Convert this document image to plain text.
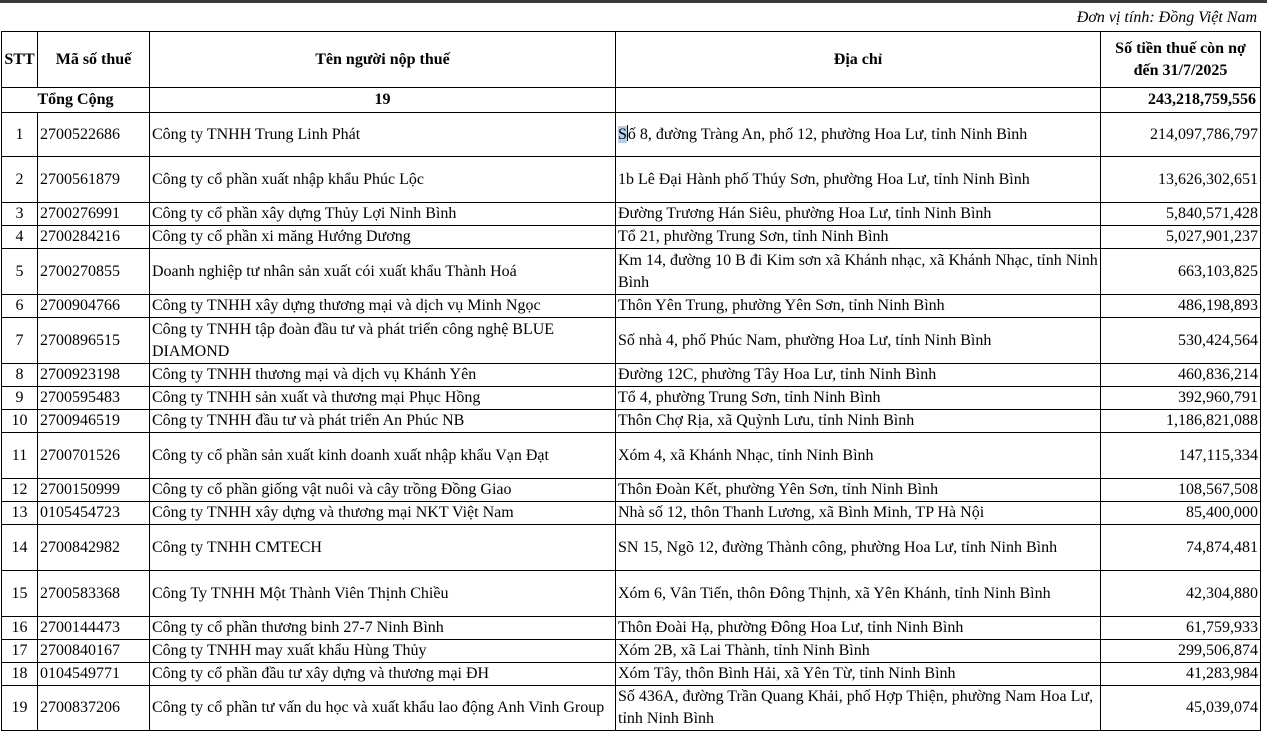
Đơn vị tính: Đồng Việt Nam
STT	Mã số thuế	Tên người nộp thuế	Địa chỉ	Số tiền thuế còn nợ đến 31/7/2025
Tổng Cộng		19		243,218,759,556
1	2700522686	Công ty TNHH Trung Linh Phát	Số 8, đường Tràng An, phố 12, phường Hoa Lư, tỉnh Ninh Bình	214,097,786,797
2	2700561879	Công ty cổ phần xuất nhập khẩu Phúc Lộc	1b Lê Đại Hành phố Thúy Sơn, phường Hoa Lư, tỉnh Ninh Bình	13,626,302,651
3	2700276991	Công ty cổ phần xây dựng Thủy Lợi Ninh Bình	Đường Trương Hán Siêu, phường Hoa Lư, tỉnh Ninh Bình	5,840,571,428
4	2700284216	Công ty cổ phần xi măng Hướng Dương	Tổ 21, phường Trung Sơn, tỉnh Ninh Bình	5,027,901,237
5	2700270855	Doanh nghiệp tư nhân sản xuất cói xuất khẩu Thành Hoá	Km 14, đường 10 B đi Kim sơn xã Khánh nhạc, xã Khánh Nhạc, tỉnh Ninh Bình	663,103,825
6	2700904766	Công ty TNHH xây dựng thương mại và dịch vụ Minh Ngọc	Thôn Yên Trung, phường Yên Sơn, tỉnh Ninh Bình	486,198,893
7	2700896515	Công ty TNHH tập đoàn đầu tư và phát triển công nghệ BLUE DIAMOND	Số nhà 4, phố Phúc Nam, phường Hoa Lư, tỉnh Ninh Bình	530,424,564
8	2700923198	Công ty TNHH thương mại và dịch vụ Khánh Yên	Đường 12C, phường Tây Hoa Lư, tỉnh Ninh Bình	460,836,214
9	2700595483	Công ty TNHH sản xuất và thương mại Phục Hồng	Tổ 4, phường Trung Sơn, tỉnh Ninh Bình	392,960,791
10	2700946519	Công ty TNHH đầu tư và phát triển An Phúc NB	Thôn Chợ Rịa, xã Quỳnh Lưu, tỉnh Ninh Bình	1,186,821,088
11	2700701526	Công ty cổ phần sản xuất kinh doanh xuất nhập khẩu Vạn Đạt	Xóm 4, xã Khánh Nhạc, tỉnh Ninh Bình	147,115,334
12	2700150999	Công ty cổ phần giống vật nuôi và cây trồng Đồng Giao	Thôn Đoàn Kết, phường Yên Sơn, tỉnh Ninh Bình	108,567,508
13	0105454723	Công ty TNHH xây dựng và thương mại NKT Việt Nam	Nhà số 12, thôn Thanh Lương, xã Bình Minh, TP Hà Nội	85,400,000
14	2700842982	Công ty TNHH CMTECH	SN 15, Ngõ 12, đường Thành công, phường Hoa Lư, tỉnh Ninh Bình	74,874,481
15	2700583368	Công Ty TNHH Một Thành Viên Thịnh Chiều	Xóm 6, Vân Tiến, thôn Đông Thịnh, xã Yên Khánh, tỉnh Ninh Bình	42,304,880
16	2700144473	Công ty cổ phần thương binh 27-7 Ninh Bình	Thôn Đoài Hạ, phường Đông Hoa Lư, tỉnh Ninh Bình	61,759,933
17	2700840167	Công ty TNHH may xuất khẩu Hùng Thủy	Xóm 2B, xã Lai Thành, tỉnh Ninh Bình	299,506,874
18	0104549771	Công ty cổ phần đầu tư xây dựng và thương mại ĐH	Xóm Tây, thôn Bình Hải, xã Yên Từ, tỉnh Ninh Bình	41,283,984
19	2700837206	Công ty cổ phần tư vấn du học và xuất khẩu lao động Anh Vinh Group	Số 436A, đường Trần Quang Khải, phố Hợp Thiện, phường Nam Hoa Lư, tỉnh Ninh Bình	45,039,074
